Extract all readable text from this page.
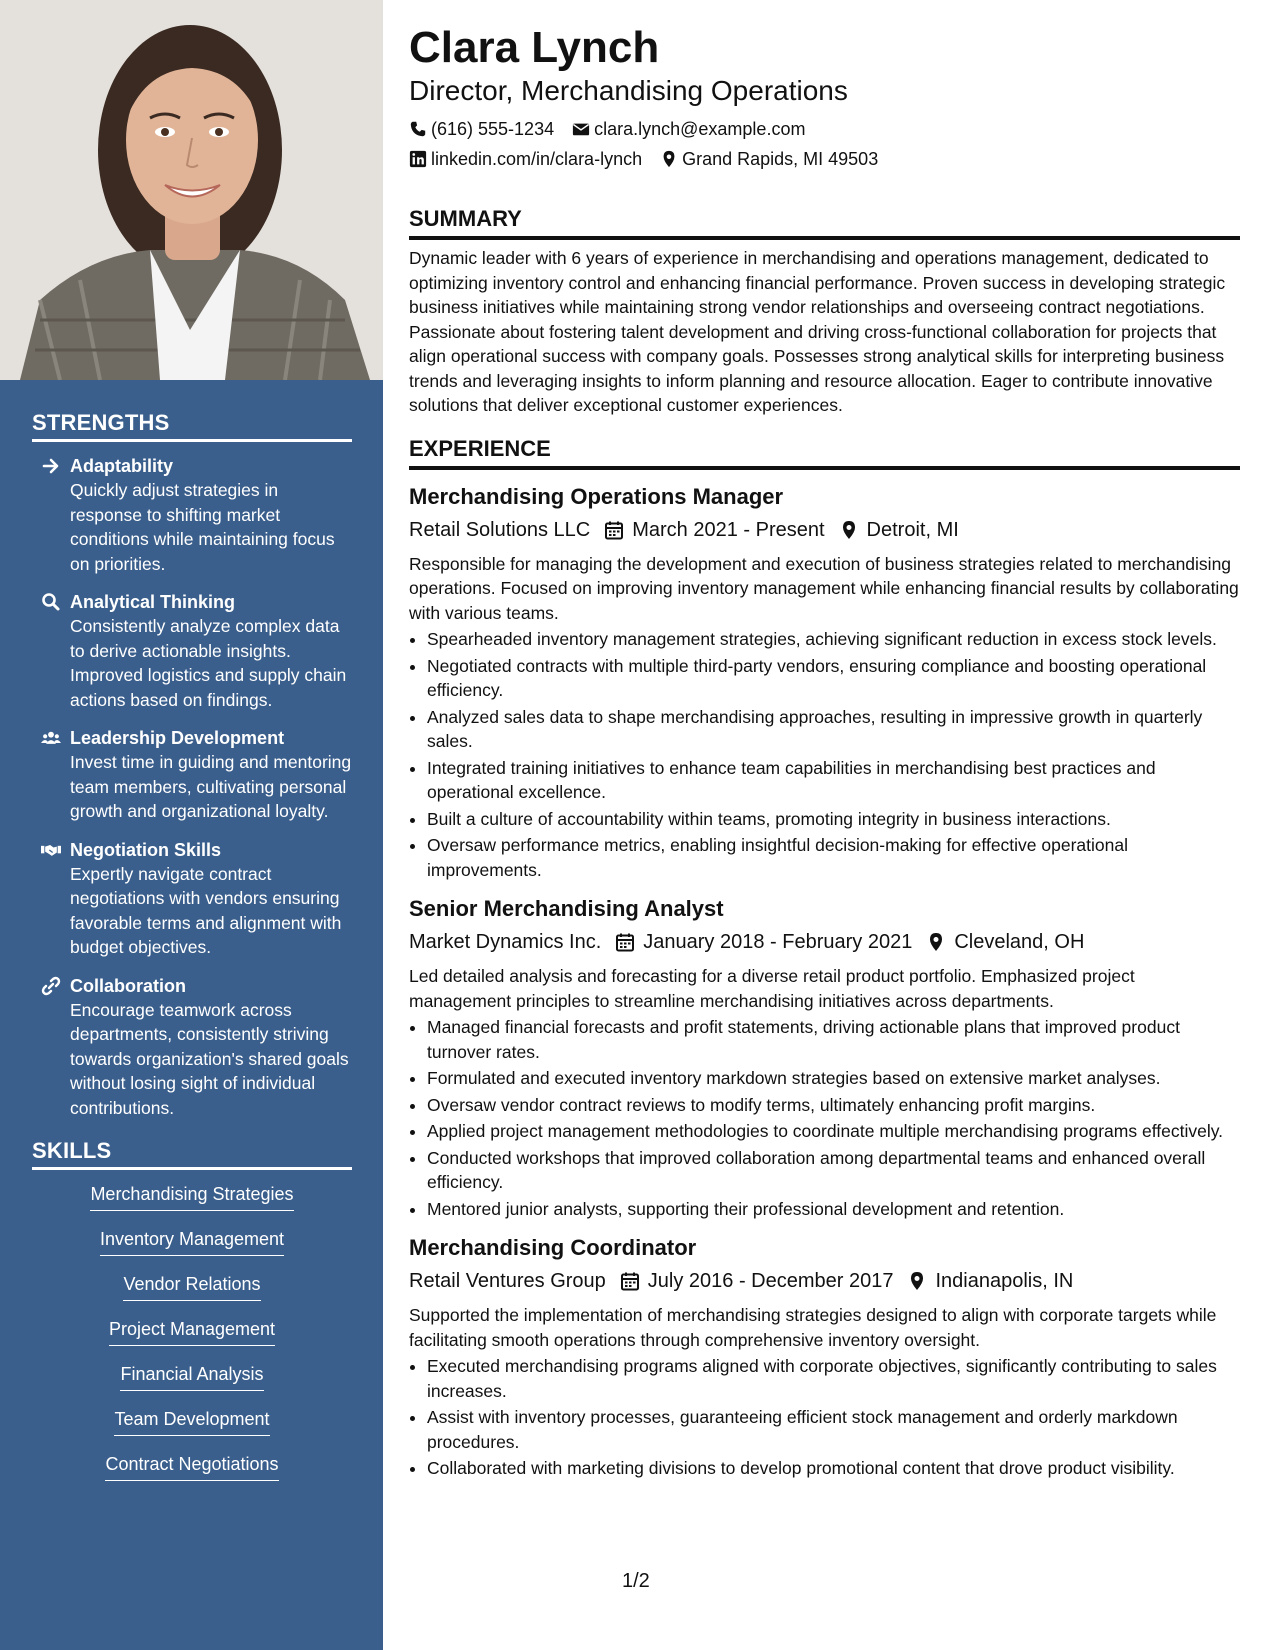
STRENGTHS
Adaptability
Quickly adjust strategies in response to shifting market conditions while maintaining focus on priorities.
Analytical Thinking
Consistently analyze complex data to derive actionable insights. Improved logistics and supply chain actions based on findings.
Leadership Development
Invest time in guiding and mentoring team members, cultivating personal growth and organizational loyalty.
Negotiation Skills
Expertly navigate contract negotiations with vendors ensuring favorable terms and alignment with budget objectives.
Collaboration
Encourage teamwork across departments, consistently striving towards organization's shared goals without losing sight of individual contributions.
SKILLS
Merchandising Strategies
Inventory Management
Vendor Relations
Project Management
Financial Analysis
Team Development
Contract Negotiations
Clara Lynch
Director, Merchandising Operations
(616) 555-1234 clara.lynch@example.com
linkedin.com/in/clara-lynch Grand Rapids, MI 49503
SUMMARY

Dynamic leader with 6 years of experience in merchandising and operations management, dedicated to optimizing inventory control and enhancing financial performance. Proven success in developing strategic business initiatives while maintaining strong vendor relationships and overseeing contract negotiations. Passionate about fostering talent development and driving cross-functional collaboration for projects that align operational success with company goals. Possesses strong analytical skills for interpreting business trends and leveraging insights to inform planning and resource allocation. Eager to contribute innovative solutions that deliver exceptional customer experiences.

EXPERIENCE
Merchandising Operations Manager
Retail Solutions LLC March 2021 - Present Detroit, MI

Responsible for managing the development and execution of business strategies related to merchandising operations. Focused on improving inventory management while enhancing financial results by collaborating with various teams.

• Spearheaded inventory management strategies, achieving significant reduction in excess stock levels.
• Negotiated contracts with multiple third-party vendors, ensuring compliance and boosting operational efficiency.
• Analyzed sales data to shape merchandising approaches, resulting in impressive growth in quarterly sales.
• Integrated training initiatives to enhance team capabilities in merchandising best practices and operational excellence.
• Built a culture of accountability within teams, promoting integrity in business interactions.
• Oversaw performance metrics, enabling insightful decision-making for effective operational improvements.
Senior Merchandising Analyst
Market Dynamics Inc. January 2018 - February 2021 Cleveland, OH

Led detailed analysis and forecasting for a diverse retail product portfolio. Emphasized project management principles to streamline merchandising initiatives across departments.

• Managed financial forecasts and profit statements, driving actionable plans that improved product turnover rates.
• Formulated and executed inventory markdown strategies based on extensive market analyses.
• Oversaw vendor contract reviews to modify terms, ultimately enhancing profit margins.
• Applied project management methodologies to coordinate multiple merchandising programs effectively.
• Conducted workshops that improved collaboration among departmental teams and enhanced overall efficiency.
• Mentored junior analysts, supporting their professional development and retention.
Merchandising Coordinator
Retail Ventures Group July 2016 - December 2017 Indianapolis, IN

Supported the implementation of merchandising strategies designed to align with corporate targets while facilitating smooth operations through comprehensive inventory oversight.

• Executed merchandising programs aligned with corporate objectives, significantly contributing to sales increases.
• Assist with inventory processes, guaranteeing efficient stock management and orderly markdown procedures.
• Collaborated with marketing divisions to develop promotional content that drove product visibility.
1/2
